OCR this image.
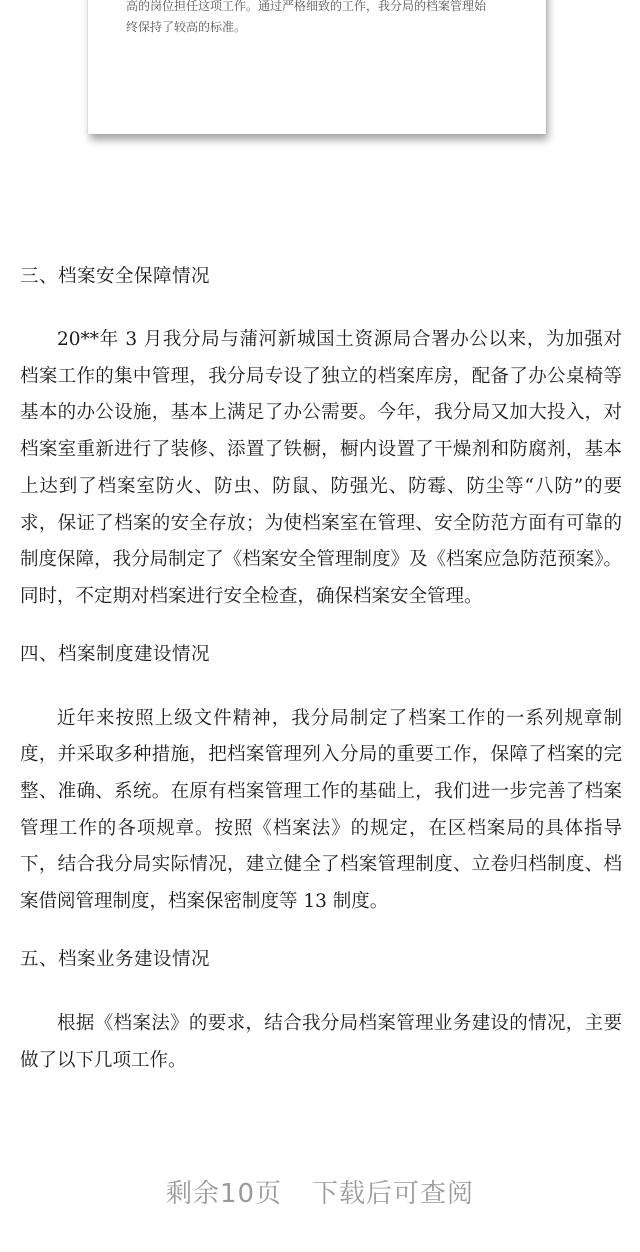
高的岗位担任这项工作。通过严格细致的工作，我分局的档案管理始
终保持了较高的标准。
三、档案安全保障情况

20**年 3 月我分局与蒲河新城国土资源局合署办公以来，为加强对档案工作的集中管理，我分局专设了独立的档案库房，配备了办公桌椅等基本的办公设施，基本上满足了办公需要。今年，我分局又加大投入，对档案室重新进行了装修、添置了铁橱，橱内设置了干燥剂和防腐剂，基本上达到了档案室防火、防虫、防鼠、防强光、防霉、防尘等“八防”的要求，保证了档案的安全存放；为使档案室在管理、安全防范方面有可靠的制度保障，我分局制定了《档案安全管理制度》及《档案应急防范预案》。同时，不定期对档案进行安全检查，确保档案安全管理。

四、档案制度建设情况

近年来按照上级文件精神，我分局制定了档案工作的一系列规章制度，并采取多种措施，把档案管理列入分局的重要工作，保障了档案的完整、准确、系统。在原有档案管理工作的基础上，我们进一步完善了档案管理工作的各项规章。按照《档案法》的规定，在区档案局的具体指导下，结合我分局实际情况，建立健全了档案管理制度、立卷归档制度、档案借阅管理制度，档案保密制度等 13 制度。

五、档案业务建设情况

根据《档案法》的要求，结合我分局档案管理业务建设的情况，主要做了以下几项工作。

剩余10页 下载后可查阅
